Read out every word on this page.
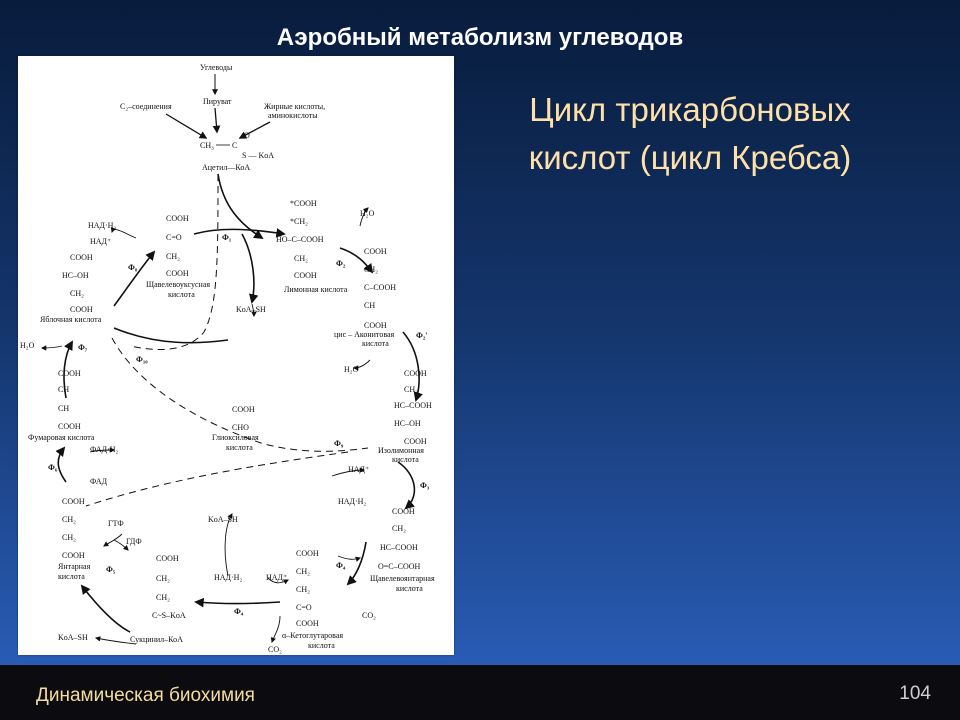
Аэробный метаболизм углеводов
Цикл трикарбоновых
кислот (цикл Кребса)
Углеводы
Пируват
C₂–соединения	Жирные кислоты,
аминокислоты
CH₃ C
O
S — KoA
Ацетил—КоА
COOH
C=O
CH₂
COOH
Щавелевоуксусная
кислота
*COOH
*CH₂
HO–C–COOH
CH₂
COOH
Лимонная кислота
COOH
CH₂
C–COOH
CH
COOH
цис – Аконитовая
кислота
COOH
CH₂
HC–COOH
HC–OH
COOH
Изолимонная
кислота
COOH
CH₂
HC–COOH
O=C–COOH
Щавелевоянтарная
кислота
COOH
CH₂
CH₂
C=O
COOH
α–Кетоглутаровая
кислота
COOH
CH₂
CH₂
C~S–KoA
Сукцинил–КоА
COOH
CH₂
CH₂
COOH
Янтарная
кислота
COOH
CH
CH
COOH
Фумаровая кислота
COOH
HC–OH
CH₂
COOH
Яблочная кислота
COOH
CHO
Глиоксиловая
кислота
НАД·Н₂
НАД⁺
KoA–SH
H₂O
H₂O
H₂O
НАД⁺
НАД·Н₂
CO₂
KoA–SH
НАД·Н₂	НАД⁺
CO₂
ФАД·Н₂
ФАД
ГТФ
ГДФ
KoA–SH
Ф₁
Ф₂
Ф₂'
Ф₃
Ф₄
Ф₄
Ф₅
Ф₆
Ф₇
Ф₈
Ф₉
Ф₁₀
Динамическая биохимия	104
